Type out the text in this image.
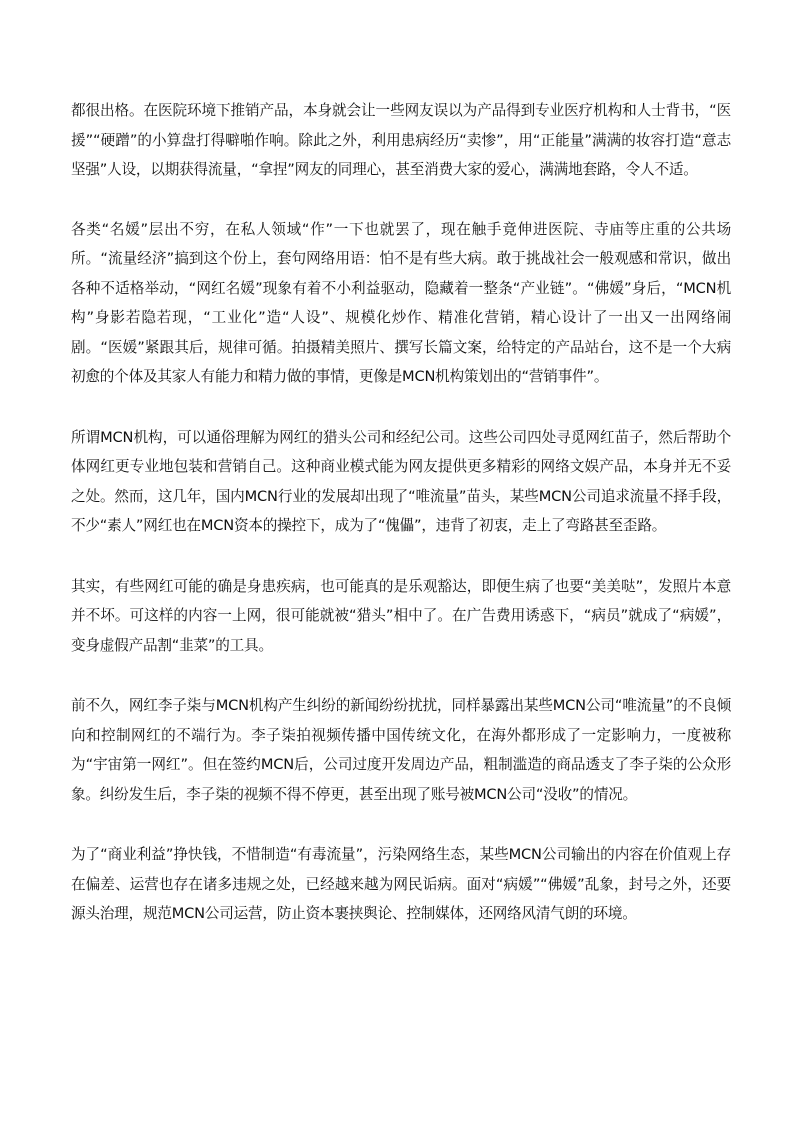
都很出格。在医院环境下推销产品，本身就会让一些网友误以为产品得到专业医疗机构和人士背书，“医援”“硬蹭”的小算盘打得噼啪作响。除此之外，利用患病经历“卖惨”，用“正能量”满满的妆容打造“意志坚强”人设，以期获得流量，“拿捏”网友的同理心，甚至消费大家的爱心，满满地套路，令人不适。

各类“名媛”层出不穷，在私人领域“作”一下也就罢了，现在触手竟伸进医院、寺庙等庄重的公共场所。“流量经济”搞到这个份上，套句网络用语：怕不是有些大病。敢于挑战社会一般观感和常识，做出各种不适格举动，“网红名媛”现象有着不小利益驱动，隐藏着一整条“产业链”。“佛媛”身后，“MCN机构”身影若隐若现，“工业化”造“人设”、规模化炒作、精准化营销，精心设计了一出又一出网络闹剧。“医媛”紧跟其后，规律可循。拍摄精美照片、撰写长篇文案，给特定的产品站台，这不是一个大病初愈的个体及其家人有能力和精力做的事情，更像是MCN机构策划出的“营销事件”。

所谓MCN机构，可以通俗理解为网红的猎头公司和经纪公司。这些公司四处寻觅网红苗子，然后帮助个体网红更专业地包装和营销自己。这种商业模式能为网友提供更多精彩的网络文娱产品，本身并无不妥之处。然而，这几年，国内MCN行业的发展却出现了“唯流量”苗头，某些MCN公司追求流量不择手段，不少“素人”网红也在MCN资本的操控下，成为了“傀儡”，违背了初衷，走上了弯路甚至歪路。

其实，有些网红可能的确是身患疾病，也可能真的是乐观豁达，即便生病了也要“美美哒”，发照片本意并不坏。可这样的内容一上网，很可能就被“猎头”相中了。在广告费用诱惑下，“病员”就成了“病媛”，变身虚假产品割“韭菜”的工具。

前不久，网红李子柒与MCN机构产生纠纷的新闻纷纷扰扰，同样暴露出某些MCN公司“唯流量”的不良倾向和控制网红的不端行为。李子柒拍视频传播中国传统文化，在海外都形成了一定影响力，一度被称为“宇宙第一网红”。但在签约MCN后，公司过度开发周边产品，粗制滥造的商品透支了李子柒的公众形象。纠纷发生后，李子柒的视频不得不停更，甚至出现了账号被MCN公司“没收”的情况。

为了“商业利益”挣快钱，不惜制造“有毒流量”，污染网络生态，某些MCN公司输出的内容在价值观上存在偏差、运营也存在诸多违规之处，已经越来越为网民诟病。面对“病媛”“佛媛”乱象，封号之外，还要源头治理，规范MCN公司运营，防止资本裹挟舆论、控制媒体，还网络风清气朗的环境。
